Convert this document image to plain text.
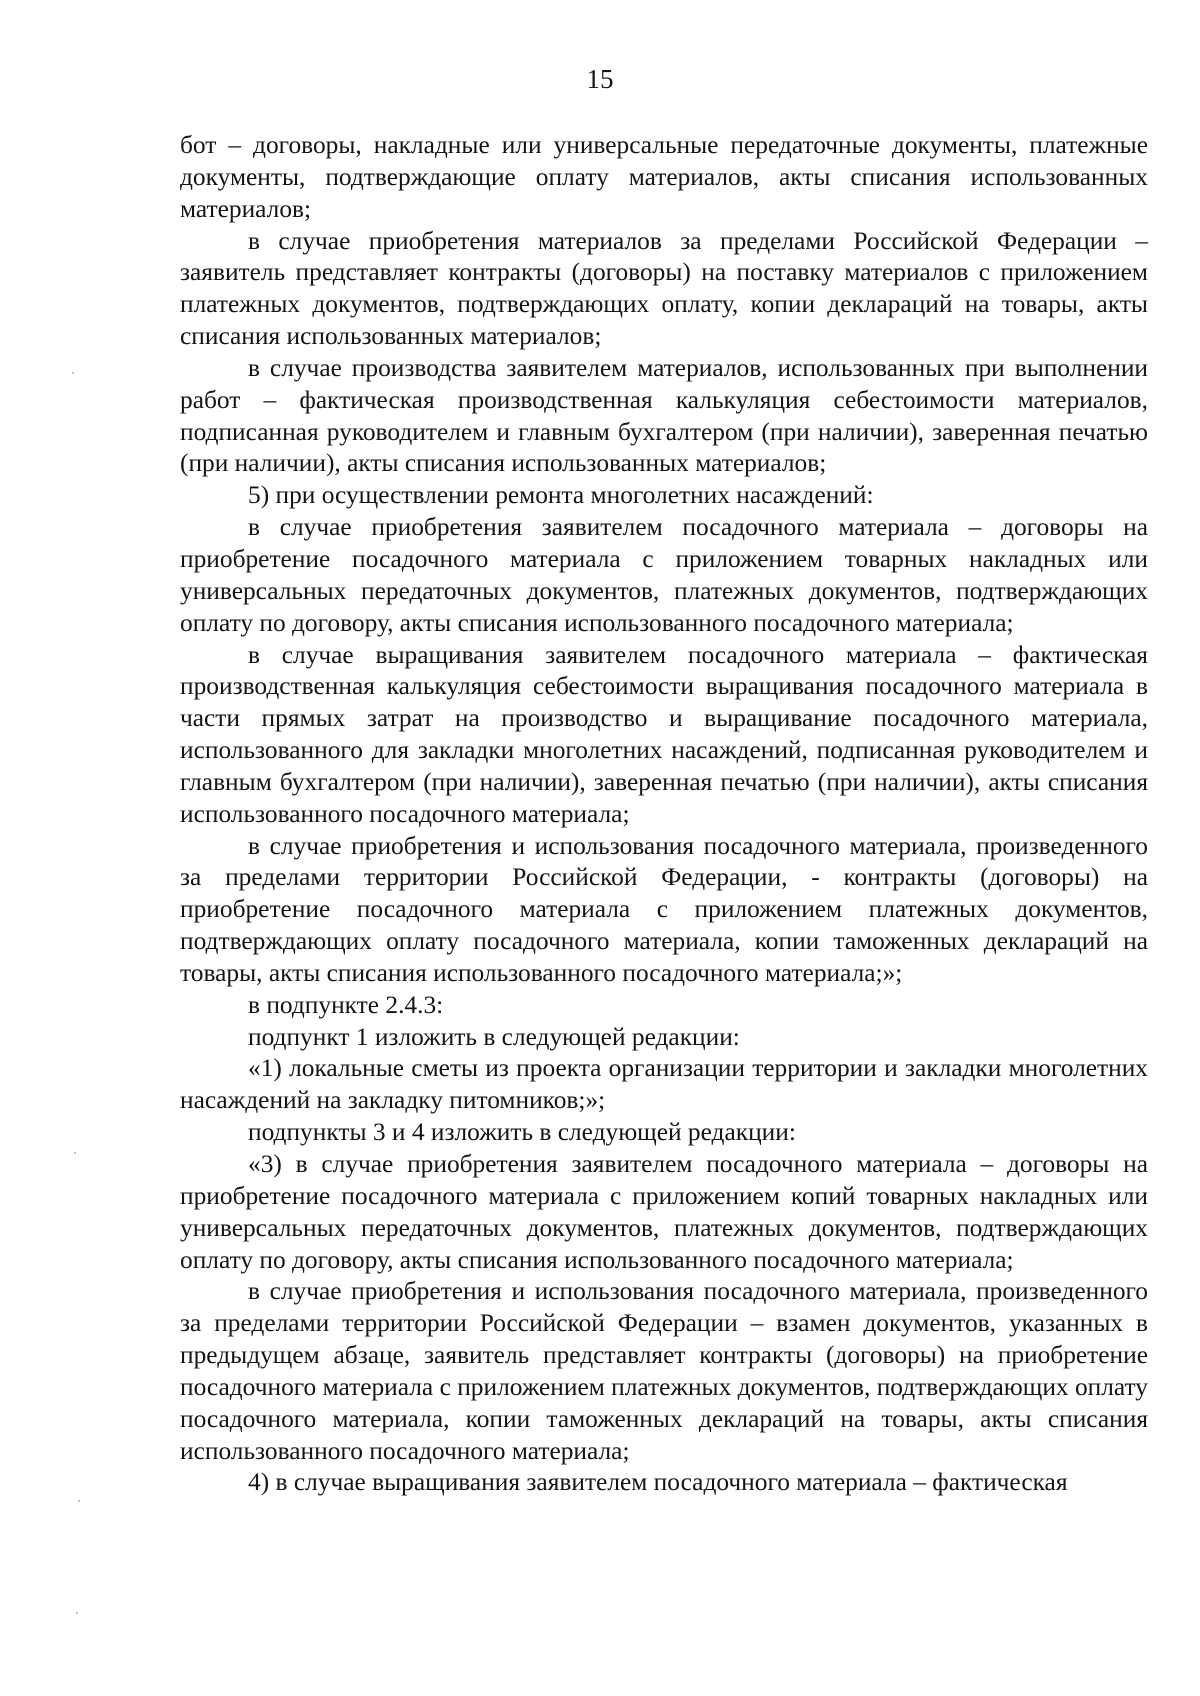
15

бот – договоры, накладные или универсальные передаточные документы, платежные документы, подтверждающие оплату материалов, акты списания использованных материалов;

в случае приобретения материалов за пределами Российской Федерации – заявитель представляет контракты (договоры) на поставку материалов с приложением платежных документов, подтверждающих оплату, копии деклараций на товары, акты списания использованных материалов;

в случае производства заявителем материалов, использованных при выполнении работ – фактическая производственная калькуляция себестоимости материалов, подписанная руководителем и главным бухгалтером (при наличии), заверенная печатью (при наличии), акты списания использованных материалов;

5) при осуществлении ремонта многолетних насаждений:

в случае приобретения заявителем посадочного материала – договоры на приобретение посадочного материала с приложением товарных накладных или универсальных передаточных документов, платежных документов, подтверждающих оплату по договору, акты списания использованного посадочного материала;

в случае выращивания заявителем посадочного материала – фактическая производственная калькуляция себестоимости выращивания посадочного материала в части прямых затрат на производство и выращивание посадочного материала, использованного для закладки многолетних насаждений, подписанная руководителем и главным бухгалтером (при наличии), заверенная печатью (при наличии), акты списания использованного посадочного материала;

в случае приобретения и использования посадочного материала, произведенного за пределами территории Российской Федерации, - контракты (договоры) на приобретение посадочного материала с приложением платежных документов, подтверждающих оплату посадочного материала, копии таможенных деклараций на товары, акты списания использованного посадочного материала;»;

в подпункте 2.4.3:

подпункт 1 изложить в следующей редакции:

«1) локальные сметы из проекта организации территории и закладки многолетних насаждений на закладку питомников;»;

подпункты 3 и 4 изложить в следующей редакции:

«3) в случае приобретения заявителем посадочного материала – договоры на приобретение посадочного материала с приложением копий товарных накладных или универсальных передаточных документов, платежных документов, подтверждающих оплату по договору, акты списания использованного посадочного материала;

в случае приобретения и использования посадочного материала, произведенного за пределами территории Российской Федерации – взамен документов, указанных в предыдущем абзаце, заявитель представляет контракты (договоры) на приобретение посадочного материала с приложением платежных документов, подтверждающих оплату посадочного материала, копии таможенных деклараций на товары, акты списания использованного посадочного материала;

4) в случае выращивания заявителем посадочного материала – фактическая
